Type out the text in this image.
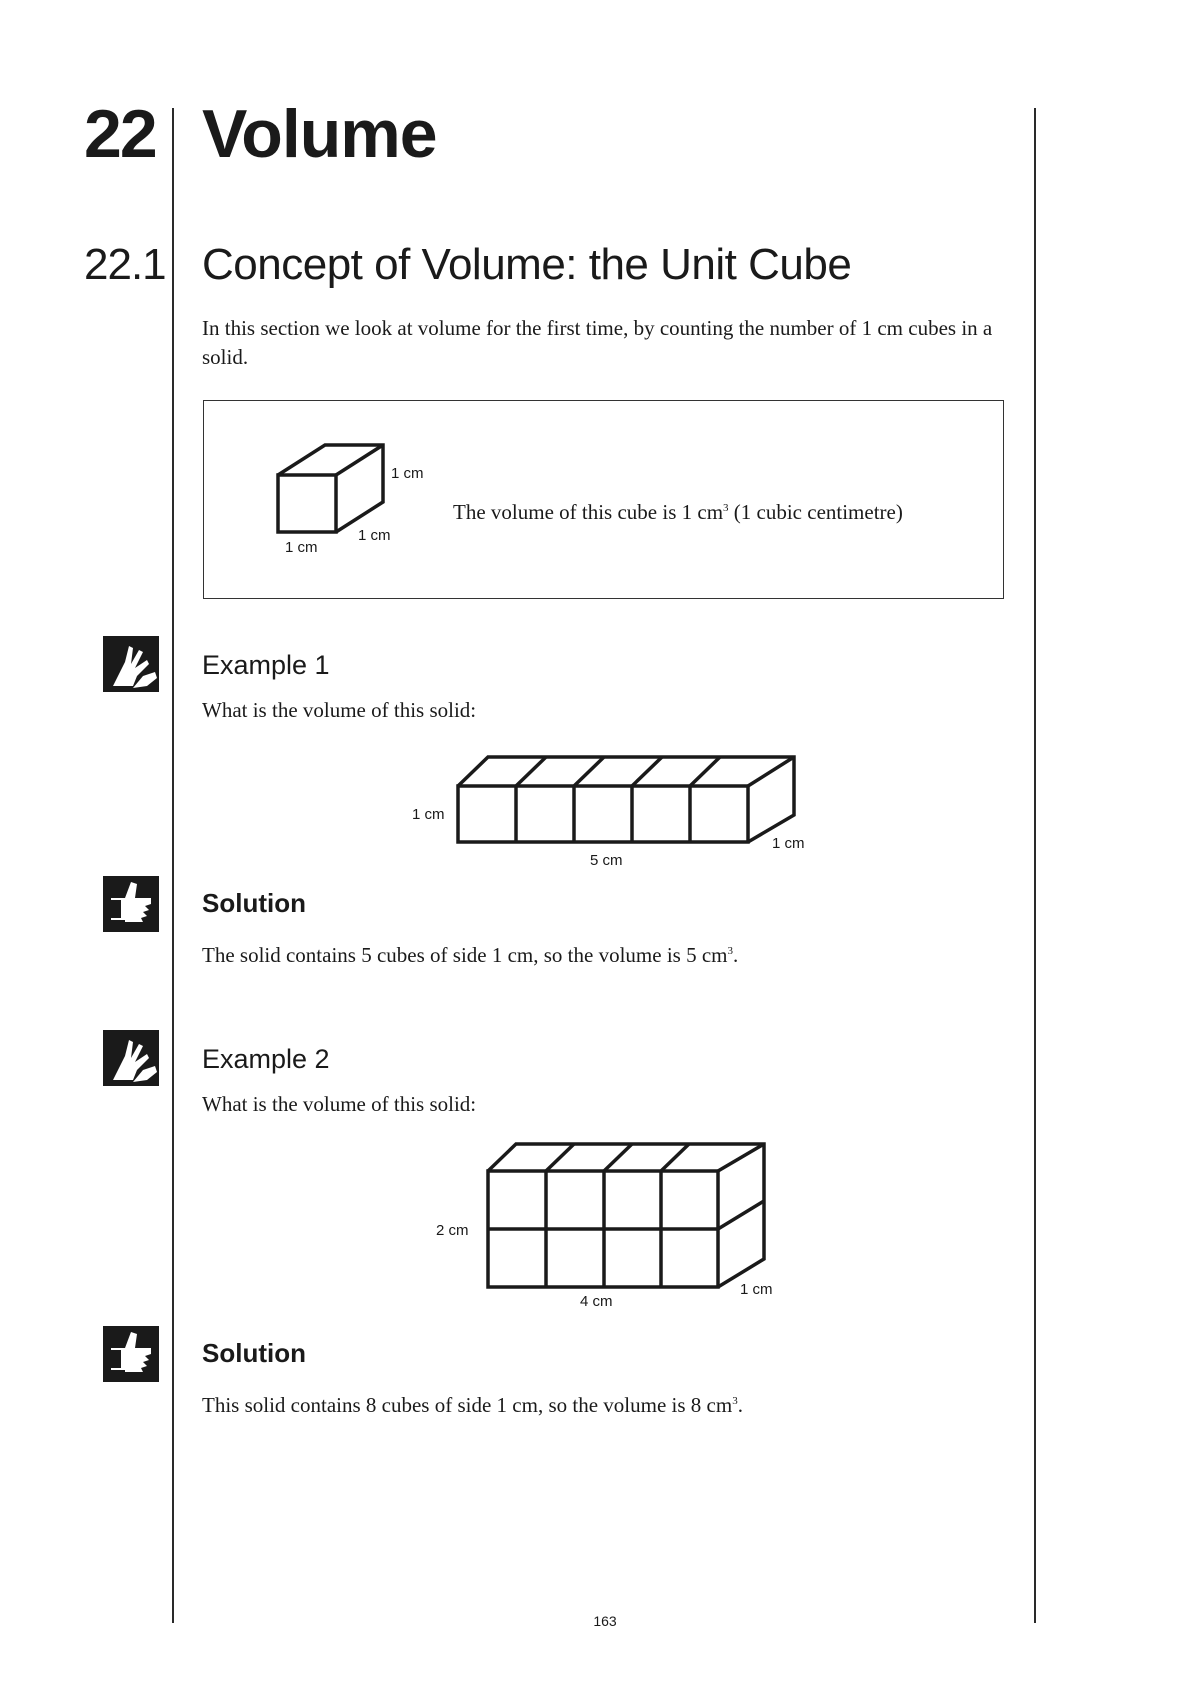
22 Volume
22.1 Concept of Volume: the Unit Cube
In this section we look at volume for the first time, by counting the number of 1 cm cubes in a solid.
1 cm
1 cm
1 cm
The volume of this cube is 1 $cm^3$ (1 cubic centimetre)
Example 1
What is the volume of this solid:
1 cm
5 cm
1 cm
Solution
The solid contains 5 cubes of side 1 cm, so the volume is 5 $cm^3$.
Example 2
What is the volume of this solid:
2 cm
4 cm
1 cm
Solution
This solid contains 8 cubes of side 1 cm, so the volume is 8 $cm^3$.
163
